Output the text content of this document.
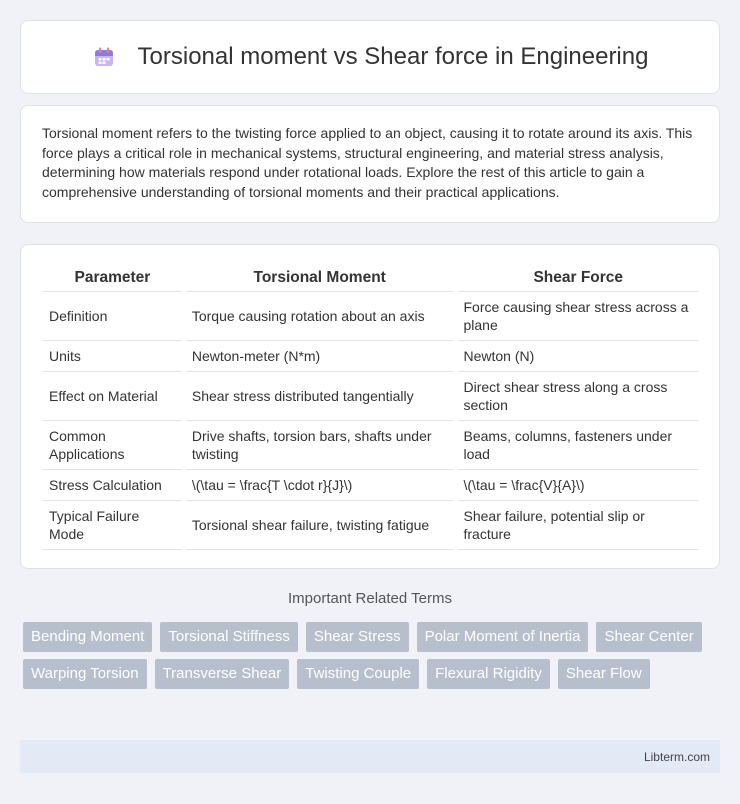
Torsional moment vs Shear force in Engineering

Torsional moment refers to the twisting force applied to an object, causing it to rotate around its axis. This force plays a critical role in mechanical systems, structural engineering, and material stress analysis, determining how materials respond under rotational loads. Explore the rest of this article to gain a comprehensive understanding of torsional moments and their practical applications.

Parameter		Torsional Moment		Shear Force
Definition		Torque causing rotation about an axis		Force causing shear stress across a plane
Units		Newton-meter (N*m)		Newton (N)
Effect on Material		Shear stress distributed tangentially		Direct shear stress along a cross section
Common Applications		Drive shafts, torsion bars, shafts under twisting		Beams, columns, fasteners under load
Stress Calculation		\(\tau = \frac{T \cdot r}{J}\)		\(\tau = \frac{V}{A}\)
Typical Failure Mode		Torsional shear failure, twisting fatigue		Shear failure, potential slip or fracture
Important Related Terms
Bending Moment	Torsional Stiffness	Shear Stress	Polar Moment of Inertia	Shear Center
Warping Torsion	Transverse Shear	Twisting Couple	Flexural Rigidity	Shear Flow
Libterm.com
